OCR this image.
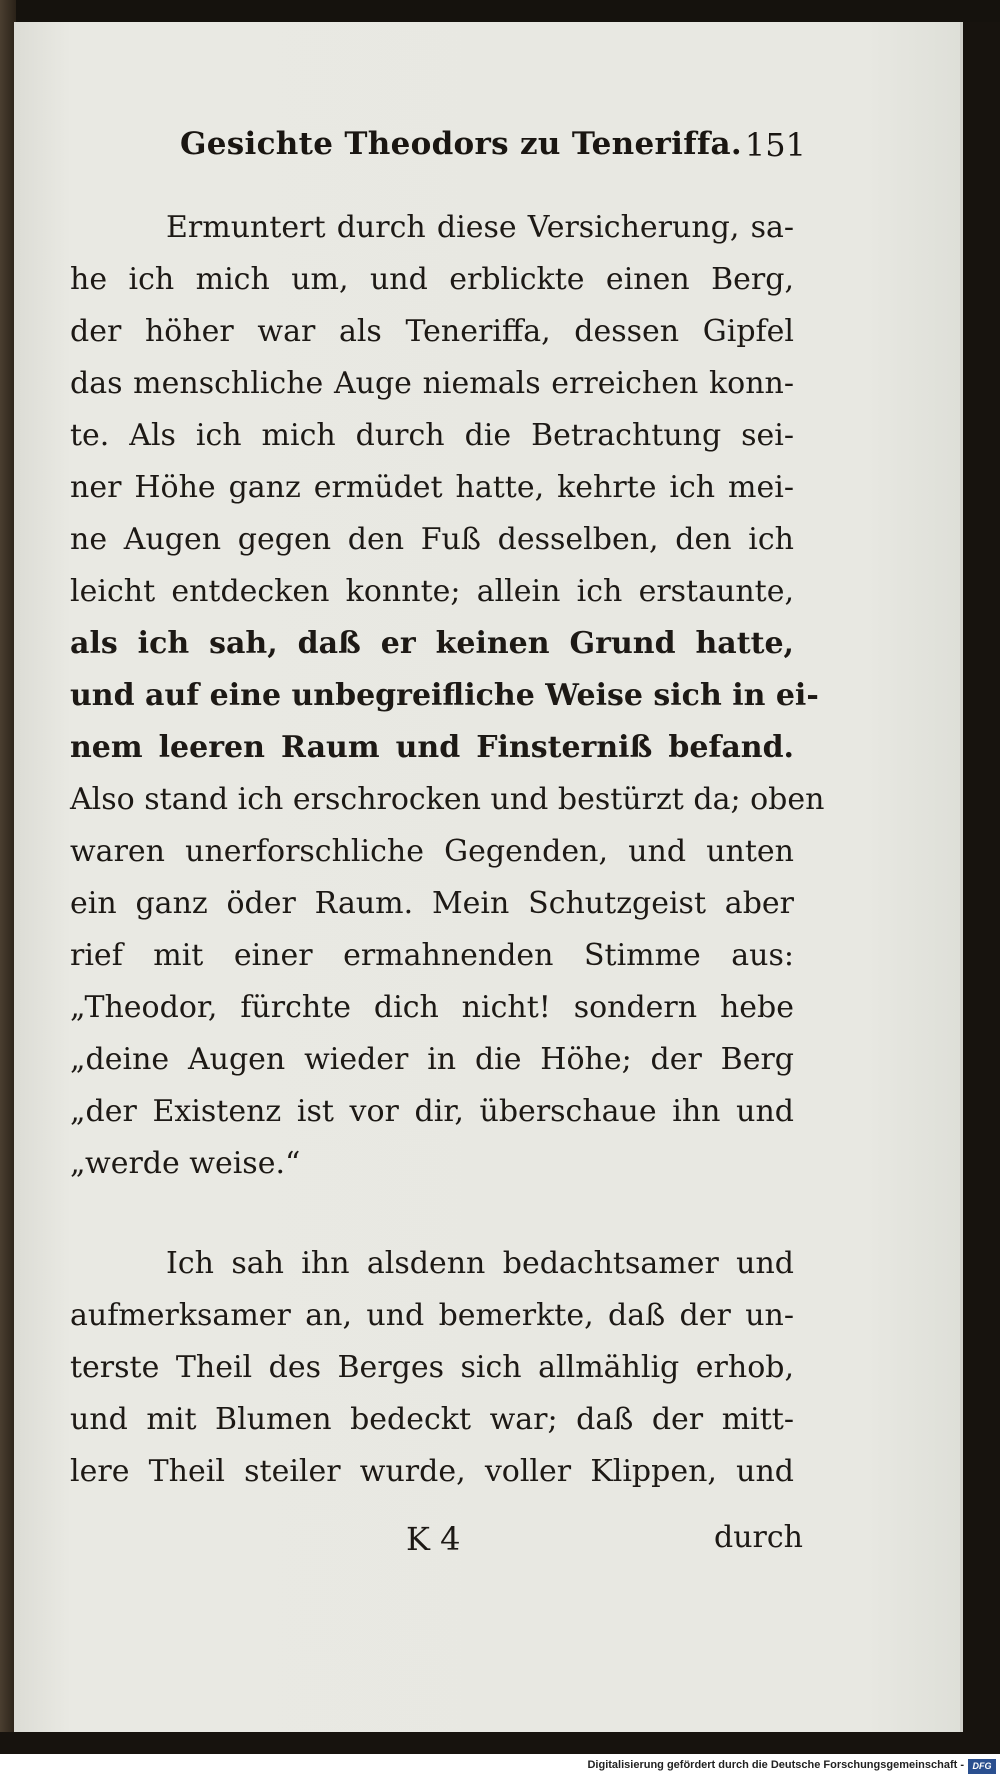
Gesichte Theodors zu Teneriffa. 151
Ermuntert durch diese Versicherung, sa-
he ich mich um, und erblickte einen Berg,
der höher war als Teneriffa, dessen Gipfel
das menschliche Auge niemals erreichen konn-
te. Als ich mich durch die Betrachtung sei-
ner Höhe ganz ermüdet hatte, kehrte ich mei-
ne Augen gegen den Fuß desselben, den ich
leicht entdecken konnte; allein ich erstaunte,
als ich sah, daß er keinen Grund hatte,
und auf eine unbegreifliche Weise sich in ei-
nem leeren Raum und Finsterniß befand.
Also stand ich erschrocken und bestürzt da; oben
waren unerforschliche Gegenden, und unten
ein ganz öder Raum. Mein Schutzgeist aber
rief mit einer ermahnenden Stimme aus:
„Theodor, fürchte dich nicht! sondern hebe
„deine Augen wieder in die Höhe; der Berg
„der Existenz ist vor dir, überschaue ihn und
„werde weise.“
Ich sah ihn alsdenn bedachtsamer und
aufmerksamer an, und bemerkte, daß der un-
terste Theil des Berges sich allmählig erhob,
und mit Blumen bedeckt war; daß der mitt-
lere Theil steiler wurde, voller Klippen, und
K 4	durch
Digitalisierung gefördert durch die Deutsche Forschungsgemeinschaft - DFG
